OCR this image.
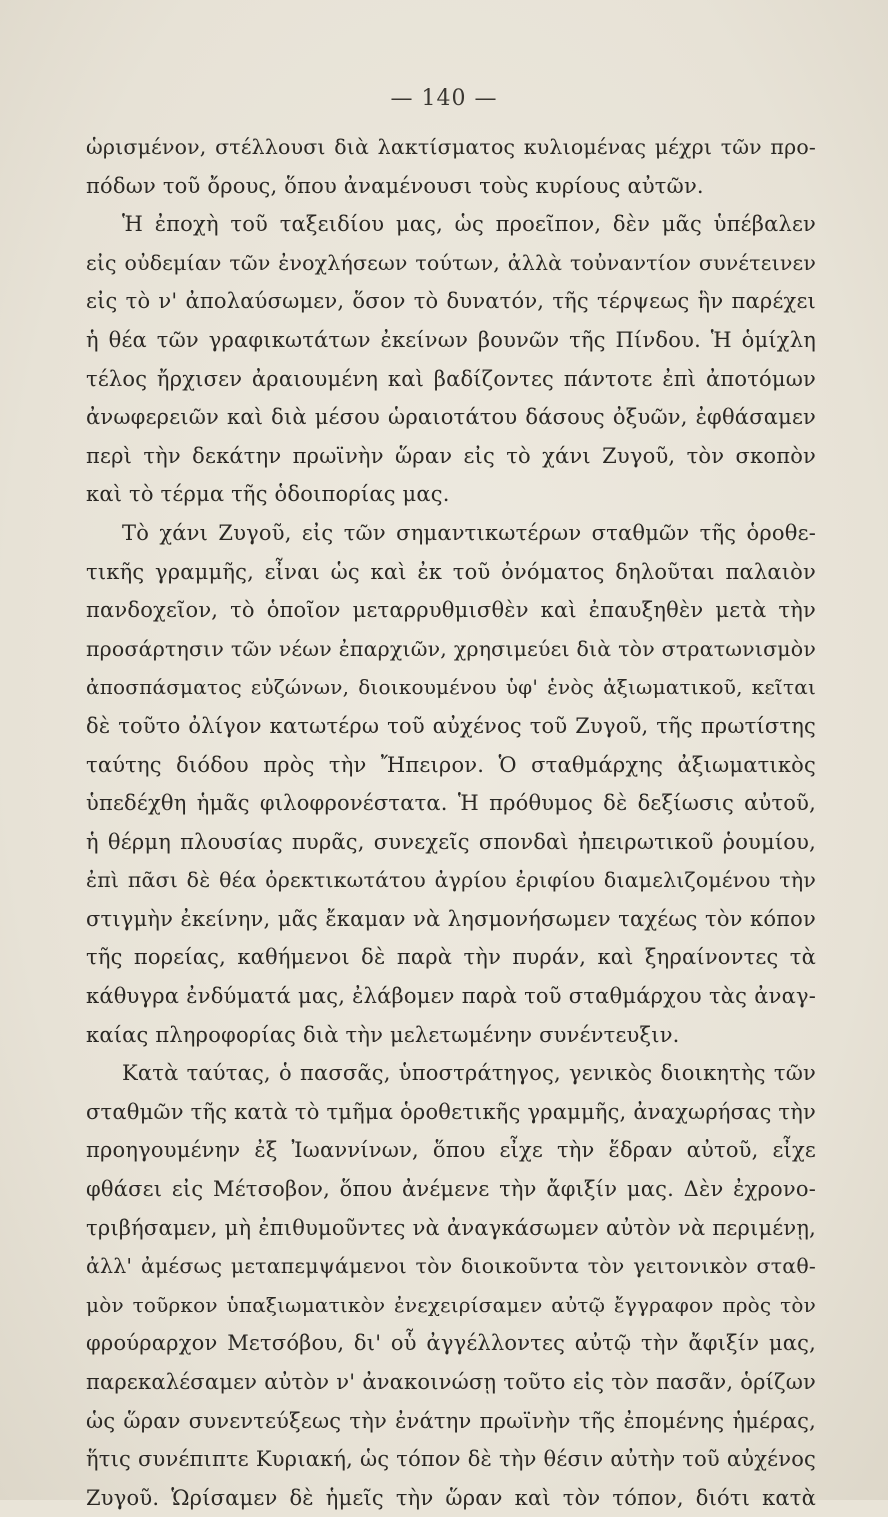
— 140 —
ὡρισμένον, στέλλουσι διὰ λακτίσματος κυλιομένας μέχρι τῶν προ-
πόδων τοῦ ὄρους, ὅπου ἀναμένουσι τοὺς κυρίους αὐτῶν.
Ἡ ἐποχὴ τοῦ ταξειδίου μας, ὡς προεῖπον, δὲν μᾶς ὑπέβαλεν
εἰς οὐδεμίαν τῶν ἐνοχλήσεων τούτων, ἀλλὰ τοὐναντίον συνέτεινεν
εἰς τὸ ν' ἀπολαύσωμεν, ὅσον τὸ δυνατόν, τῆς τέρψεως ἣν παρέχει
ἡ θέα τῶν γραφικωτάτων ἐκείνων βουνῶν τῆς Πίνδου. Ἡ ὁμίχλη
τέλος ἤρχισεν ἀραιουμένη καὶ βαδίζοντες πάντοτε ἐπὶ ἀποτόμων
ἀνωφερειῶν καὶ διὰ μέσου ὡραιοτάτου δάσους ὀξυῶν, ἐφθάσαμεν
περὶ τὴν δεκάτην πρωϊνὴν ὥραν εἰς τὸ χάνι Ζυγοῦ, τὸν σκοπὸν
καὶ τὸ τέρμα τῆς ὁδοιπορίας μας.
Τὸ χάνι Ζυγοῦ, εἰς τῶν σημαντικωτέρων σταθμῶν τῆς ὁροθε-
τικῆς γραμμῆς, εἶναι ὡς καὶ ἐκ τοῦ ὀνόματος δηλοῦται παλαιὸν
πανδοχεῖον, τὸ ὁποῖον μεταρρυθμισθὲν καὶ ἐπαυξηθὲν μετὰ τὴν
προσάρτησιν τῶν νέων ἐπαρχιῶν, χρησιμεύει διὰ τὸν στρατωνισμὸν
ἀποσπάσματος εὐζώνων, διοικουμένου ὑφ' ἑνὸς ἀξιωματικοῦ, κεῖται
δὲ τοῦτο ὀλίγον κατωτέρω τοῦ αὐχένος τοῦ Ζυγοῦ, τῆς πρωτίστης
ταύτης διόδου πρὸς τὴν Ἤπειρον. Ὁ σταθμάρχης ἀξιωματικὸς
ὑπεδέχθη ἡμᾶς φιλοφρονέστατα. Ἡ πρόθυμος δὲ δεξίωσις αὐτοῦ,
ἡ θέρμη πλουσίας πυρᾶς, συνεχεῖς σπονδαὶ ἠπειρωτικοῦ ῥουμίου,
ἐπὶ πᾶσι δὲ θέα ὀρεκτικωτάτου ἀγρίου ἐριφίου διαμελιζομένου τὴν
στιγμὴν ἐκείνην, μᾶς ἔκαμαν νὰ λησμονήσωμεν ταχέως τὸν κόπον
τῆς πορείας, καθήμενοι δὲ παρὰ τὴν πυράν, καὶ ξηραίνοντες τὰ
κάθυγρα ἐνδύματά μας, ἐλάβομεν παρὰ τοῦ σταθμάρχου τὰς ἀναγ-
καίας πληροφορίας διὰ τὴν μελετωμένην συνέντευξιν.
Κατὰ ταύτας, ὁ πασσᾶς, ὑποστράτηγος, γενικὸς διοικητὴς τῶν
σταθμῶν τῆς κατὰ τὸ τμῆμα ὁροθετικῆς γραμμῆς, ἀναχωρήσας τὴν
προηγουμένην ἐξ Ἰωαννίνων, ὅπου εἶχε τὴν ἕδραν αὐτοῦ, εἶχε
φθάσει εἰς Μέτσοβον, ὅπου ἀνέμενε τὴν ἄφιξίν μας. Δὲν ἐχρονο-
τριβήσαμεν, μὴ ἐπιθυμοῦντες νὰ ἀναγκάσωμεν αὐτὸν νὰ περιμένῃ,
ἀλλ' ἀμέσως μεταπεμψάμενοι τὸν διοικοῦντα τὸν γειτονικὸν σταθ-
μὸν τοῦρκον ὑπαξιωματικὸν ἐνεχειρίσαμεν αὐτῷ ἔγγραφον πρὸς τὸν
φρούραρχον Μετσόβου, δι' οὗ ἀγγέλλοντες αὐτῷ τὴν ἄφιξίν μας,
παρεκαλέσαμεν αὐτὸν ν' ἀνακοινώσῃ τοῦτο εἰς τὸν πασᾶν, ὁρίζων
ὡς ὥραν συνεντεύξεως τὴν ἐνάτην πρωϊνὴν τῆς ἐπομένης ἡμέρας,
ἥτις συνέπιπτε Κυριακή, ὡς τόπον δὲ τὴν θέσιν αὐτὴν τοῦ αὐχένος
Ζυγοῦ. Ὡρίσαμεν δὲ ἡμεῖς τὴν ὥραν καὶ τὸν τόπον, διότι κατὰ
